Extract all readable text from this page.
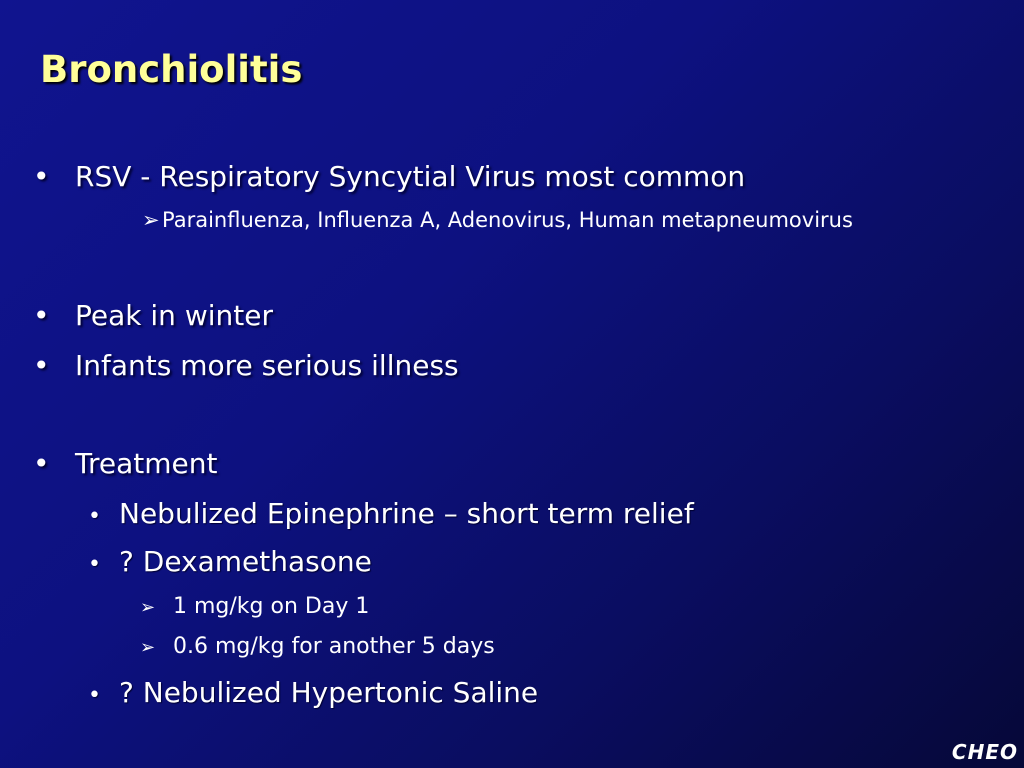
Bronchiolitis
• RSV - Respiratory Syncytial Virus most common
➢ Parainfluenza, Influenza A, Adenovirus, Human metapneumovirus
• Peak in winter
• Infants more serious illness
• Treatment
• Nebulized Epinephrine – short term relief
• ? Dexamethasone
➢ 1 mg/kg on Day 1
➢ 0.6 mg/kg for another 5 days
• ? Nebulized Hypertonic Saline
CHEO
